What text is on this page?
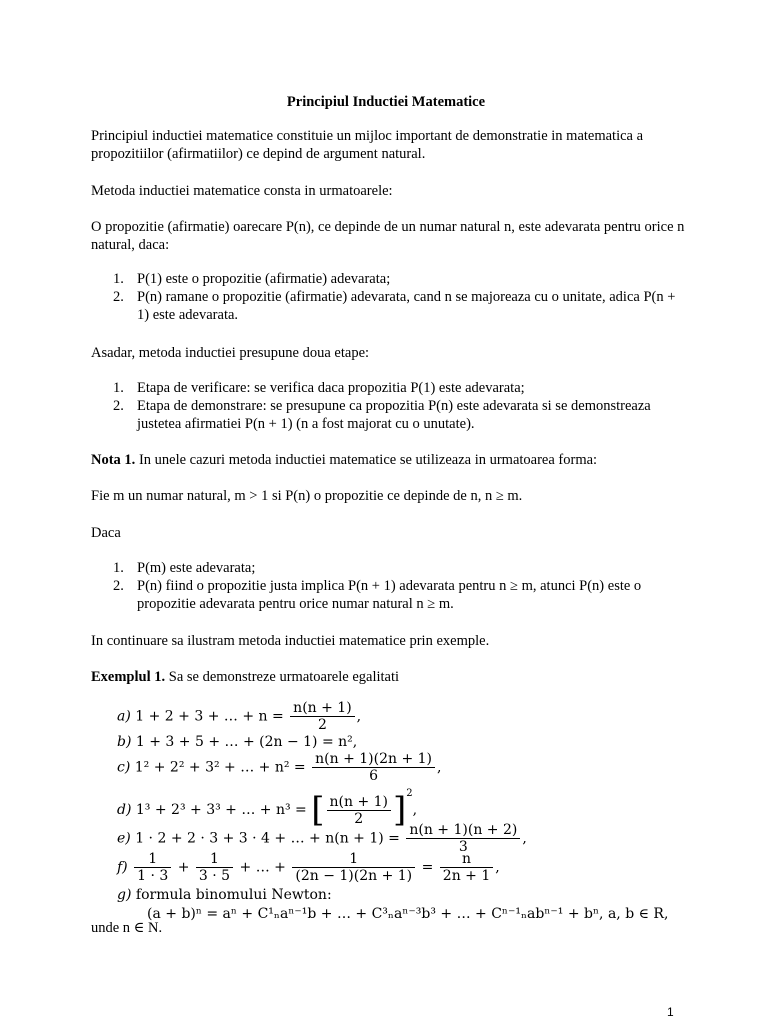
Principiul Inductiei Matematice
Principiul inductiei matematice constituie un mijloc important de demonstratie in matematica a propozitiilor (afirmatiilor) ce depind de argument natural.
Metoda inductiei matematice consta in urmatoarele:
O propozitie (afirmatie) oarecare P(n), ce depinde de un numar natural n, este adevarata pentru orice n natural, daca:
1. P(1) este o propozitie (afirmatie) adevarata;
2. P(n) ramane o propozitie (afirmatie) adevarata, cand n se majoreaza cu o unitate, adica P(n + 1) este adevarata.
Asadar, metoda inductiei presupune doua etape:
1. Etapa de verificare: se verifica daca propozitia P(1) este adevarata;
2. Etapa de demonstrare: se presupune ca propozitia P(n) este adevarata si se demonstreaza justetea afirmatiei P(n + 1) (n a fost majorat cu o unutate).
Nota 1. In unele cazuri metoda inductiei matematice se utilizeaza in urmatoarea forma:
Fie m un numar natural, m > 1 si P(n) o propozitie ce depinde de n, n ≥ m.
Daca
1. P(m) este adevarata;
2. P(n) fiind o propozitie justa implica P(n + 1) adevarata pentru n ≥ m, atunci P(n) este o propozitie adevarata pentru orice numar natural n ≥ m.
In continuare sa ilustram metoda inductiei matematice prin exemple.
Exemplul 1. Sa se demonstreze urmatoarele egalitati
a) 1 + 2 + 3 + … + $n = \frac{n(n + 1)}{2}$ ,
b) 1 + 3 + 5 + … + (2n − 1) = n²,
c) 1² + 2² + 3² + … + $n^2 = \frac{n(n + 1)(2n + 1)}{6}$ ,
d) 1³ + 2³ + 3³ + … + n³ = [ $\frac{n(n + 1)}{2} ]^2$,
e) 1 · 2 + 2 · 3 + 3 · 4 + … + $n(n + 1) = \frac{n(n + 1)(n + 2)}{3}$ ,
$f) \frac{1}{1 \cdot 3} + \frac{1}{3 \cdot 5}$ + … + $\frac{1}{(2n - 1)(2n + 1)} = \frac{n}{2n + 1}$ ,
g) formula binomului Newton:
(a + b)ⁿ = aⁿ + C¹ₙaⁿ⁻¹b + … + C³ₙaⁿ⁻³b³ + … + Cⁿ⁻¹ₙabⁿ⁻¹ + bⁿ, a, b ∈ R,
unde n ∈ N.
1
